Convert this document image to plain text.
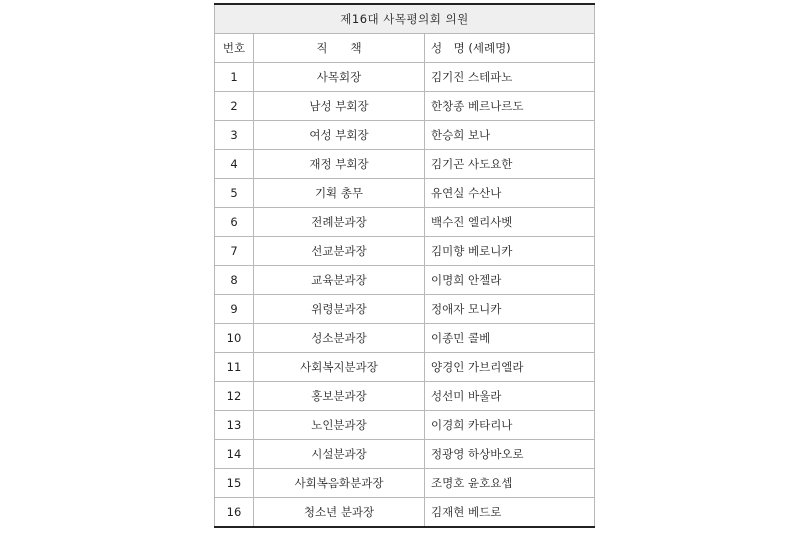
제16대 사목평의회 의원		
번호	직　　책	성　명 (세례명)
1	사목회장	김기진 스테파노
2	남성 부회장	한창종 베르나르도
3	여성 부회장	한승희 보나
4	재정 부회장	김기곤 사도요한
5	기획 총무	유연실 수산나
6	전례분과장	백수진 엘리사벳
7	선교분과장	김미향 베로니카
8	교육분과장	이명희 안젤라
9	위령분과장	정애자 모니카
10	성소분과장	이종민 콜베
11	사회복지분과장	양경인 가브리엘라
12	홍보분과장	성선미 바울라
13	노인분과장	이경희 카타리나
14	시설분과장	정광영 하상바오로
15	사회복음화분과장	조명호 윤호요셉
16	청소년 분과장	김재현 베드로
